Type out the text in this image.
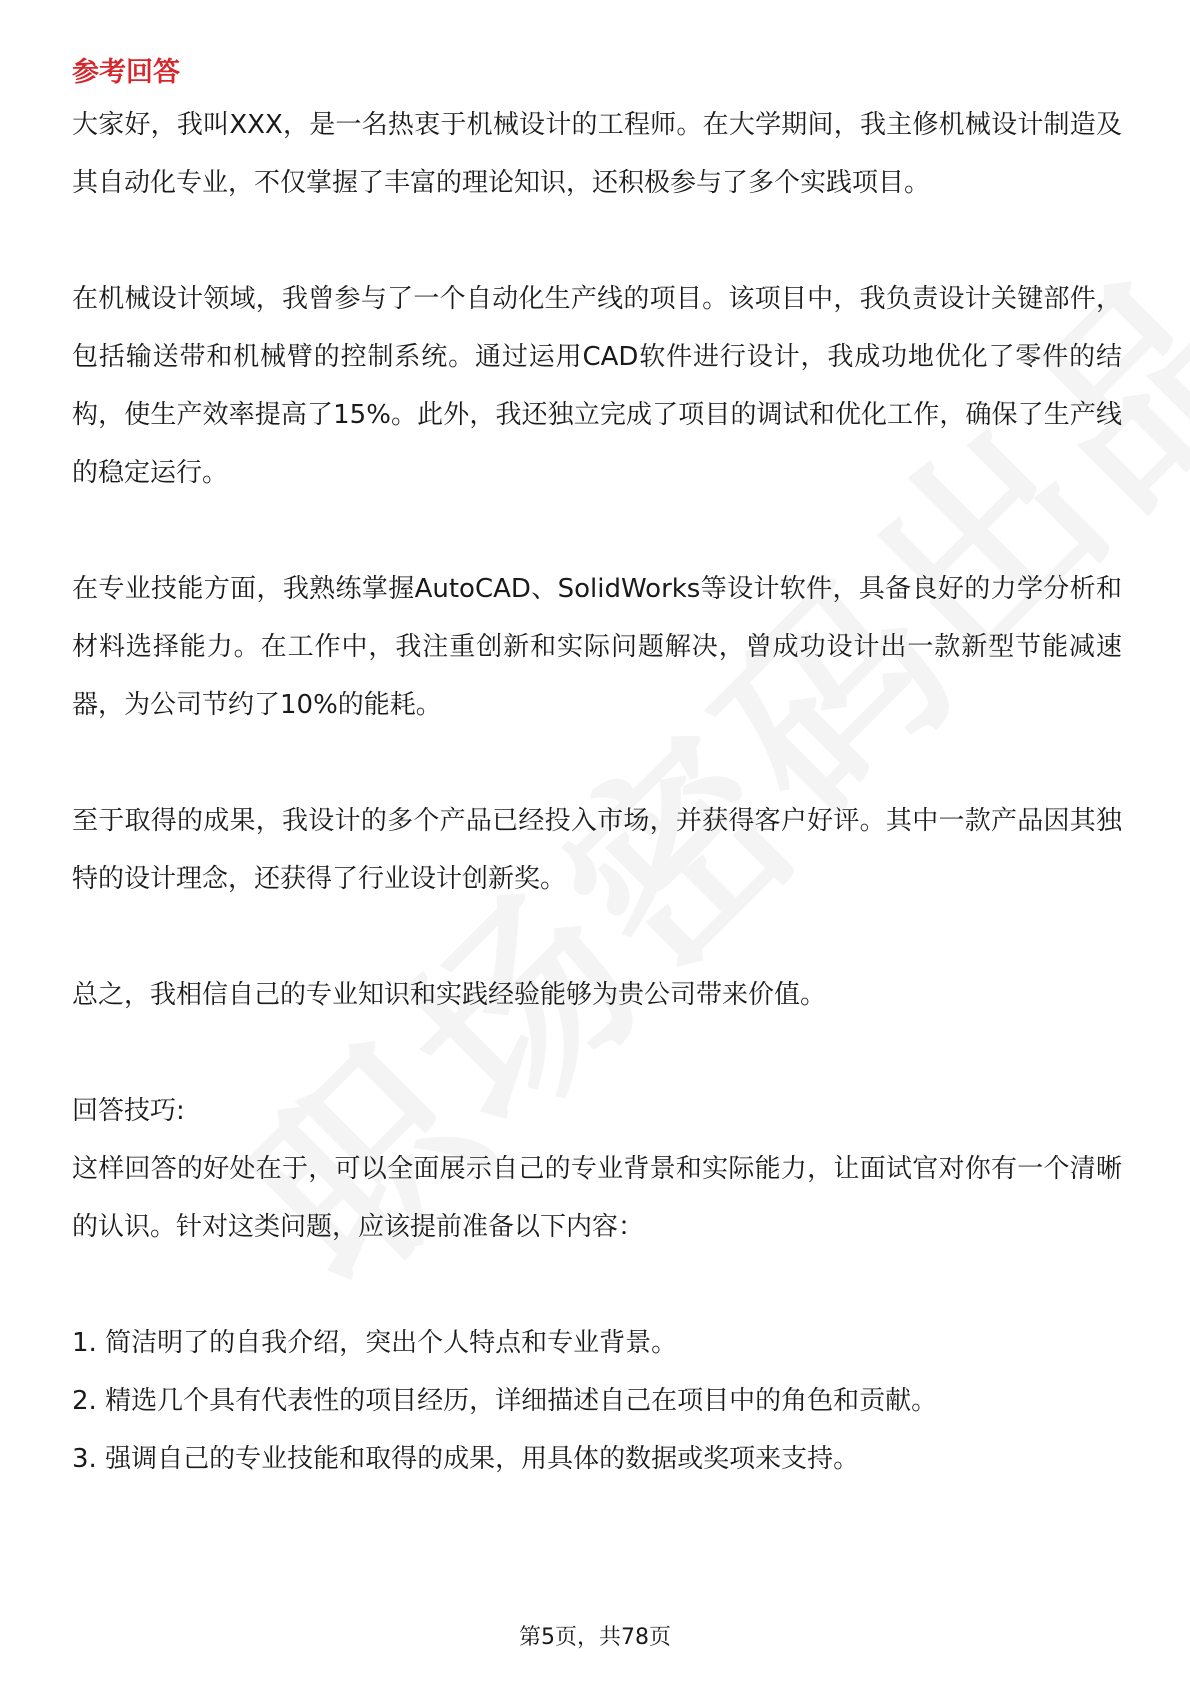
参考回答

大家好，我叫XXX，是一名热衷于机械设计的工程师。在大学期间，我主修机械设计制造及其自动化专业，不仅掌握了丰富的理论知识，还积极参与了多个实践项目。

在机械设计领域，我曾参与了一个自动化生产线的项目。该项目中，我负责设计关键部件，包括输送带和机械臂的控制系统。通过运用CAD软件进行设计，我成功地优化了零件的结构，使生产效率提高了15%。此外，我还独立完成了项目的调试和优化工作，确保了生产线的稳定运行。

在专业技能方面，我熟练掌握AutoCAD、SolidWorks等设计软件，具备良好的力学分析和材料选择能力。在工作中，我注重创新和实际问题解决，曾成功设计出一款新型节能减速器，为公司节约了10%的能耗。

至于取得的成果，我设计的多个产品已经投入市场，并获得客户好评。其中一款产品因其独特的设计理念，还获得了行业设计创新奖。

总之，我相信自己的专业知识和实践经验能够为贵公司带来价值。

回答技巧:

这样回答的好处在于，可以全面展示自己的专业背景和实际能力，让面试官对你有一个清晰的认识。针对这类问题，应该提前准备以下内容：

1. 简洁明了的自我介绍，突出个人特点和专业背景。

2. 精选几个具有代表性的项目经历，详细描述自己在项目中的角色和贡献。

3. 强调自己的专业技能和取得的成果，用具体的数据或奖项来支持。

第5页，共78页
